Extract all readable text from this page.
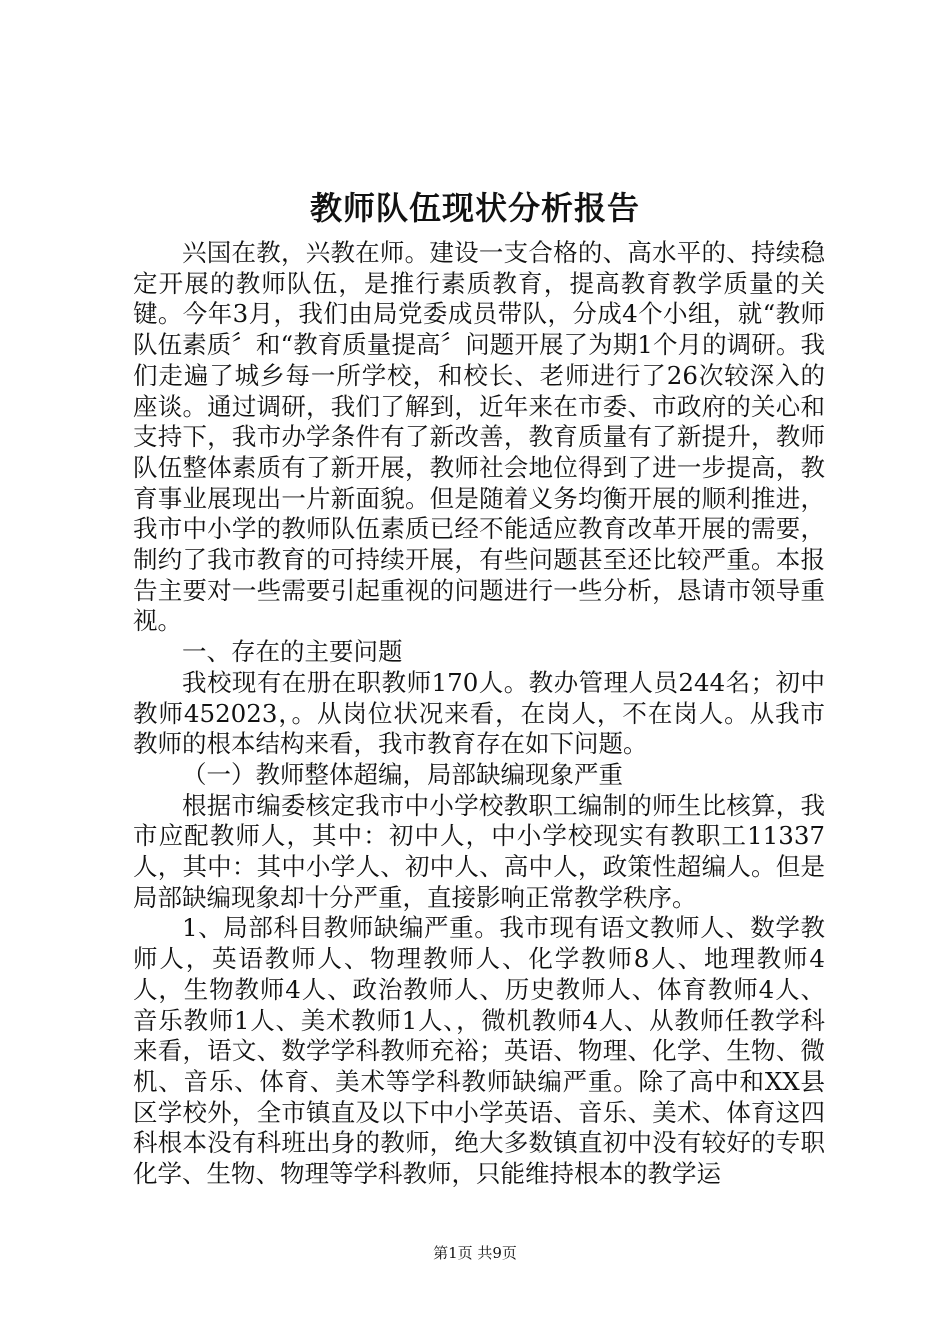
教师队伍现状分析报告

兴国在教，兴教在师。建设一支合格的、高水平的、持续稳定开展的教师队伍，是推行素质教育，提高教育教学质量的关键。今年3月，我们由局党委成员带队，分成4个小组，就“教师队伍素质〞和“教育质量提高〞问题开展了为期1个月的调研。我们走遍了城乡每一所学校，和校长、老师进行了26次较深入的座谈。通过调研，我们了解到，近年来在市委、市政府的关心和支持下，我市办学条件有了新改善，教育质量有了新提升，教师队伍整体素质有了新开展，教师社会地位得到了进一步提高，教育事业展现出一片新面貌。但是随着义务均衡开展的顺利推进，我市中小学的教师队伍素质已经不能适应教育改革开展的需要，制约了我市教育的可持续开展，有些问题甚至还比较严重。本报告主要对一些需要引起重视的问题进行一些分析，恳请市领导重视。

一、存在的主要问题

我校现有在册在职教师170人。教办管理人员244名；初中教师452023，。从岗位状况来看，在岗人，不在岗人。从我市教师的根本结构来看，我市教育存在如下问题。

（一）教师整体超编，局部缺编现象严重

根据市编委核定我市中小学校教职工编制的师生比核算，我市应配教师人，其中：初中人，中小学校现实有教职工11337人，其中：其中小学人、初中人、高中人，政策性超编人。但是局部缺编现象却十分严重，直接影响正常教学秩序。

1、局部科目教师缺编严重。我市现有语文教师人、数学教师人，英语教师人、物理教师人、化学教师8人、地理教师4人，生物教师4人、政治教师人、历史教师人、体育教师4人、音乐教师1人、美术教师1人、，微机教师4人、从教师任教学科来看，语文、数学学科教师充裕；英语、物理、化学、生物、微机、音乐、体育、美术等学科教师缺编严重。除了高中和XX县区学校外，全市镇直及以下中小学英语、音乐、美术、体育这四科根本没有科班出身的教师，绝大多数镇直初中没有较好的专职化学、生物、物理等学科教师，只能维持根本的教学运

第1页 共9页
